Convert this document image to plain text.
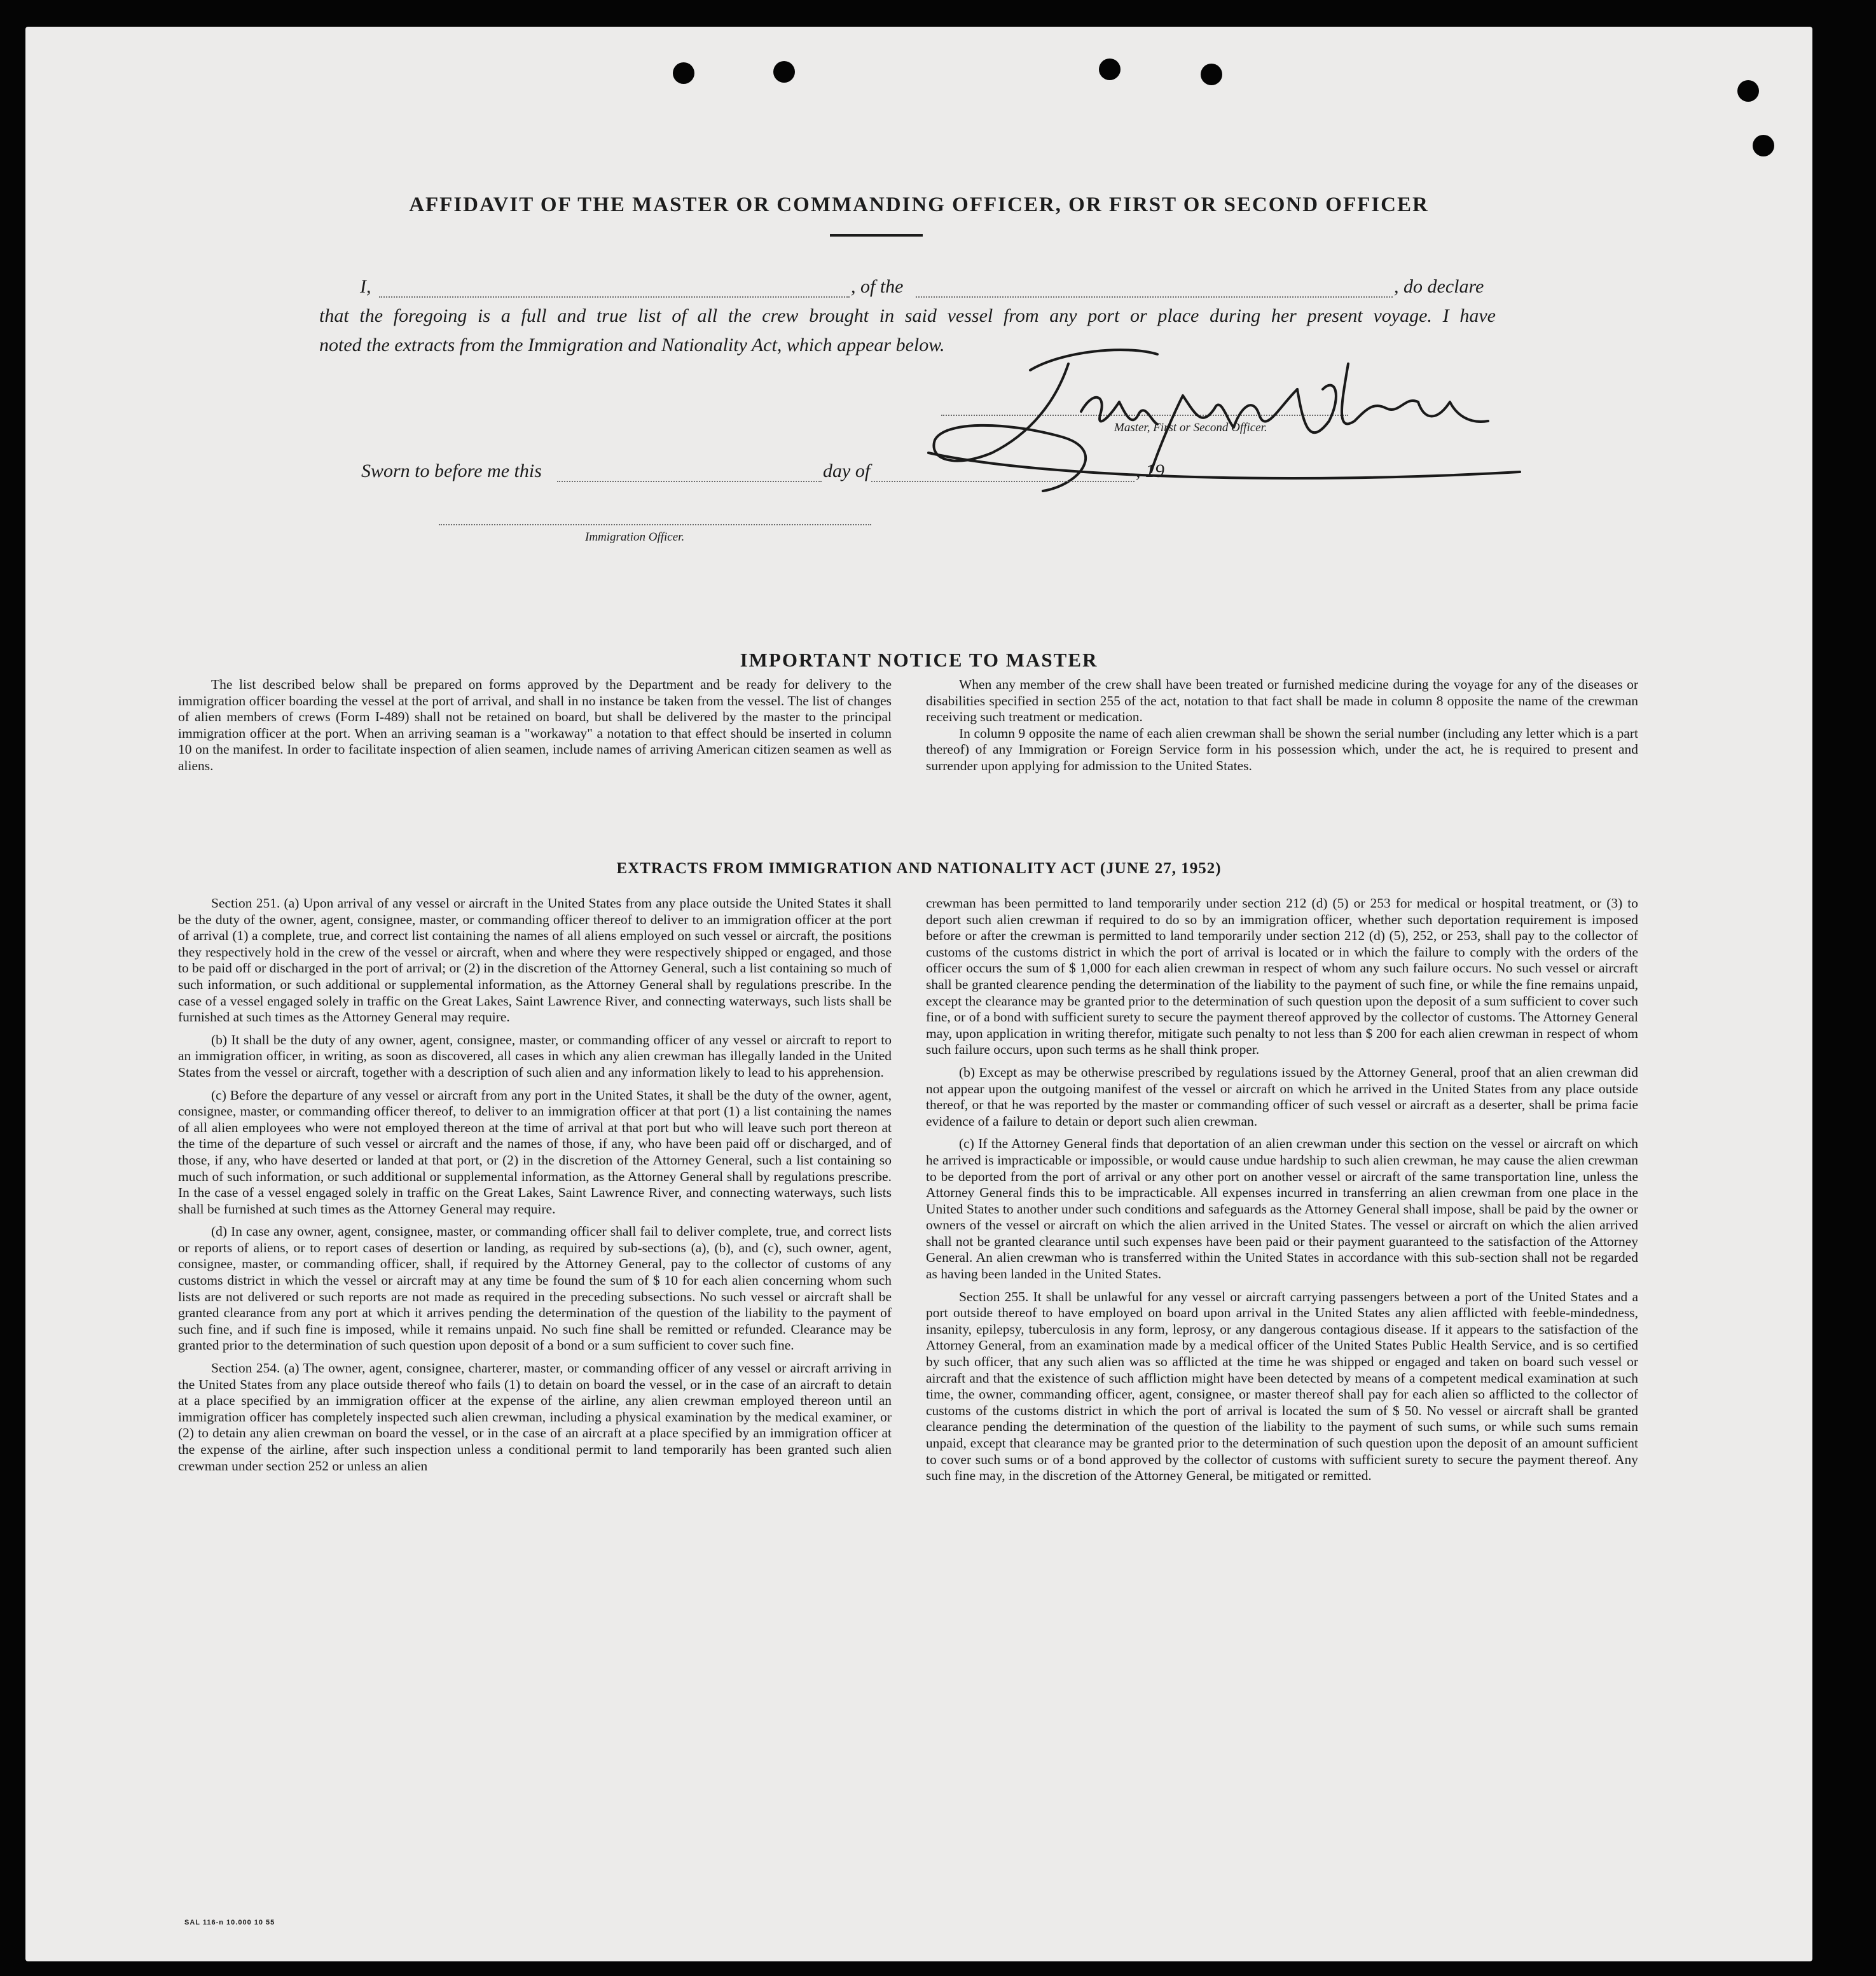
AFFIDAVIT OF THE MASTER OR COMMANDING OFFICER, OR FIRST OR SECOND OFFICER
I,	, of the	, do declare
that the foregoing is a full and true list of all the crew brought in said vessel from any port or place during her present voyage. I have
noted the extracts from the Immigration and Nationality Act, which appear below.
Master, First or Second Officer.
Sworn to before me this	day of	, 19
Immigration Officer.
IMPORTANT NOTICE TO MASTER

The list described below shall be prepared on forms approved by the Department and be ready for delivery to the immigration officer boarding the vessel at the port of arrival, and shall in no instance be taken from the vessel. The list of changes of alien members of crews (Form I-489) shall not be retained on board, but shall be delivered by the master to the principal immigration officer at the port. When an arriving seaman is a "workaway" a notation to that effect should be inserted in column 10 on the manifest. In order to facilitate inspection of alien seamen, include names of arriving American citizen seamen as well as aliens.

When any member of the crew shall have been treated or furnished medicine during the voyage for any of the diseases or disabilities specified in section 255 of the act, notation to that fact shall be made in column 8 opposite the name of the crewman receiving such treatment or medication.

In column 9 opposite the name of each alien crewman shall be shown the serial number (including any letter which is a part thereof) of any Immigration or Foreign Service form in his possession which, under the act, he is required to present and surrender upon applying for admission to the United States.

EXTRACTS FROM IMMIGRATION AND NATIONALITY ACT (JUNE 27, 1952)

Section 251. (a) Upon arrival of any vessel or aircraft in the United States from any place outside the United States it shall be the duty of the owner, agent, consignee, master, or commanding officer thereof to deliver to an immigration officer at the port of arrival (1) a complete, true, and correct list containing the names of all aliens employed on such vessel or aircraft, the positions they respectively hold in the crew of the vessel or aircraft, when and where they were respectively shipped or engaged, and those to be paid off or discharged in the port of arrival; or (2) in the discretion of the Attorney General, such a list containing so much of such information, or such additional or supplemental information, as the Attorney General shall by regulations prescribe. In the case of a vessel engaged solely in traffic on the Great Lakes, Saint Lawrence River, and connecting waterways, such lists shall be furnished at such times as the Attorney General may require.

(b) It shall be the duty of any owner, agent, consignee, master, or commanding officer of any vessel or aircraft to report to an immigration officer, in writing, as soon as discovered, all cases in which any alien crewman has illegally landed in the United States from the vessel or aircraft, together with a description of such alien and any information likely to lead to his apprehension.

(c) Before the departure of any vessel or aircraft from any port in the United States, it shall be the duty of the owner, agent, consignee, master, or commanding officer thereof, to deliver to an immigration officer at that port (1) a list containing the names of all alien employees who were not employed thereon at the time of arrival at that port but who will leave such port thereon at the time of the departure of such vessel or aircraft and the names of those, if any, who have been paid off or discharged, and of those, if any, who have deserted or landed at that port, or (2) in the discretion of the Attorney General, such a list containing so much of such information, or such additional or supplemental information, as the Attorney General shall by regulations prescribe. In the case of a vessel engaged solely in traffic on the Great Lakes, Saint Lawrence River, and connecting waterways, such lists shall be furnished at such times as the Attorney General may require.

(d) In case any owner, agent, consignee, master, or commanding officer shall fail to deliver complete, true, and correct lists or reports of aliens, or to report cases of desertion or landing, as required by sub-sections (a), (b), and (c), such owner, agent, consignee, master, or commanding officer, shall, if required by the Attorney General, pay to the collector of customs of any customs district in which the vessel or aircraft may at any time be found the sum of $ 10 for each alien concerning whom such lists are not delivered or such reports are not made as required in the preceding subsections. No such vessel or aircraft shall be granted clearance from any port at which it arrives pending the determination of the question of the liability to the payment of such fine, and if such fine is imposed, while it remains unpaid. No such fine shall be remitted or refunded. Clearance may be granted prior to the determination of such question upon deposit of a bond or a sum sufficient to cover such fine.

Section 254. (a) The owner, agent, consignee, charterer, master, or commanding officer of any vessel or aircraft arriving in the United States from any place outside thereof who fails (1) to detain on board the vessel, or in the case of an aircraft to detain at a place specified by an immigration officer at the expense of the airline, any alien crewman employed thereon until an immigration officer has completely inspected such alien crewman, including a physical examination by the medical examiner, or (2) to detain any alien crewman on board the vessel, or in the case of an aircraft at a place specified by an immigration officer at the expense of the airline, after such inspection unless a conditional permit to land temporarily has been granted such alien crewman under section 252 or unless an alien

crewman has been permitted to land temporarily under section 212 (d) (5) or 253 for medical or hospital treatment, or (3) to deport such alien crewman if required to do so by an immigration officer, whether such deportation requirement is imposed before or after the crewman is permitted to land temporarily under section 212 (d) (5), 252, or 253, shall pay to the collector of customs of the customs district in which the port of arrival is located or in which the failure to comply with the orders of the officer occurs the sum of $ 1,000 for each alien crewman in respect of whom any such failure occurs. No such vessel or aircraft shall be granted clearence pending the determination of the liability to the payment of such fine, or while the fine remains unpaid, except the clearance may be granted prior to the determination of such question upon the deposit of a sum sufficient to cover such fine, or of a bond with sufficient surety to secure the payment thereof approved by the collector of customs. The Attorney General may, upon application in writing therefor, mitigate such penalty to not less than $ 200 for each alien crewman in respect of whom such failure occurs, upon such terms as he shall think proper.

(b) Except as may be otherwise prescribed by regulations issued by the Attorney General, proof that an alien crewman did not appear upon the outgoing manifest of the vessel or aircraft on which he arrived in the United States from any place outside thereof, or that he was reported by the master or commanding officer of such vessel or aircraft as a deserter, shall be prima facie evidence of a failure to detain or deport such alien crewman.

(c) If the Attorney General finds that deportation of an alien crewman under this section on the vessel or aircraft on which he arrived is impracticable or impossible, or would cause undue hardship to such alien crewman, he may cause the alien crewman to be deported from the port of arrival or any other port on another vessel or aircraft of the same transportation line, unless the Attorney General finds this to be impracticable. All expenses incurred in transferring an alien crewman from one place in the United States to another under such conditions and safeguards as the Attorney General shall impose, shall be paid by the owner or owners of the vessel or aircraft on which the alien arrived in the United States. The vessel or aircraft on which the alien arrived shall not be granted clearance until such expenses have been paid or their payment guaranteed to the satisfaction of the Attorney General. An alien crewman who is transferred within the United States in accordance with this sub-section shall not be regarded as having been landed in the United States.

Section 255. It shall be unlawful for any vessel or aircraft carrying passengers between a port of the United States and a port outside thereof to have employed on board upon arrival in the United States any alien afflicted with feeble-mindedness, insanity, epilepsy, tuberculosis in any form, leprosy, or any dangerous contagious disease. If it appears to the satisfaction of the Attorney General, from an examination made by a medical officer of the United States Public Health Service, and is so certified by such officer, that any such alien was so afflicted at the time he was shipped or engaged and taken on board such vessel or aircraft and that the existence of such affliction might have been detected by means of a competent medical examination at such time, the owner, commanding officer, agent, consignee, or master thereof shall pay for each alien so afflicted to the collector of customs of the customs district in which the port of arrival is located the sum of $ 50. No vessel or aircraft shall be granted clearance pending the determination of the question of the liability to the payment of such sums, or while such sums remain unpaid, except that clearance may be granted prior to the determination of such question upon the deposit of an amount sufficient to cover such sums or of a bond approved by the collector of customs with sufficient surety to secure the payment thereof. Any such fine may, in the discretion of the Attorney General, be mitigated or remitted.

SAL 116-n 10.000 10 55
